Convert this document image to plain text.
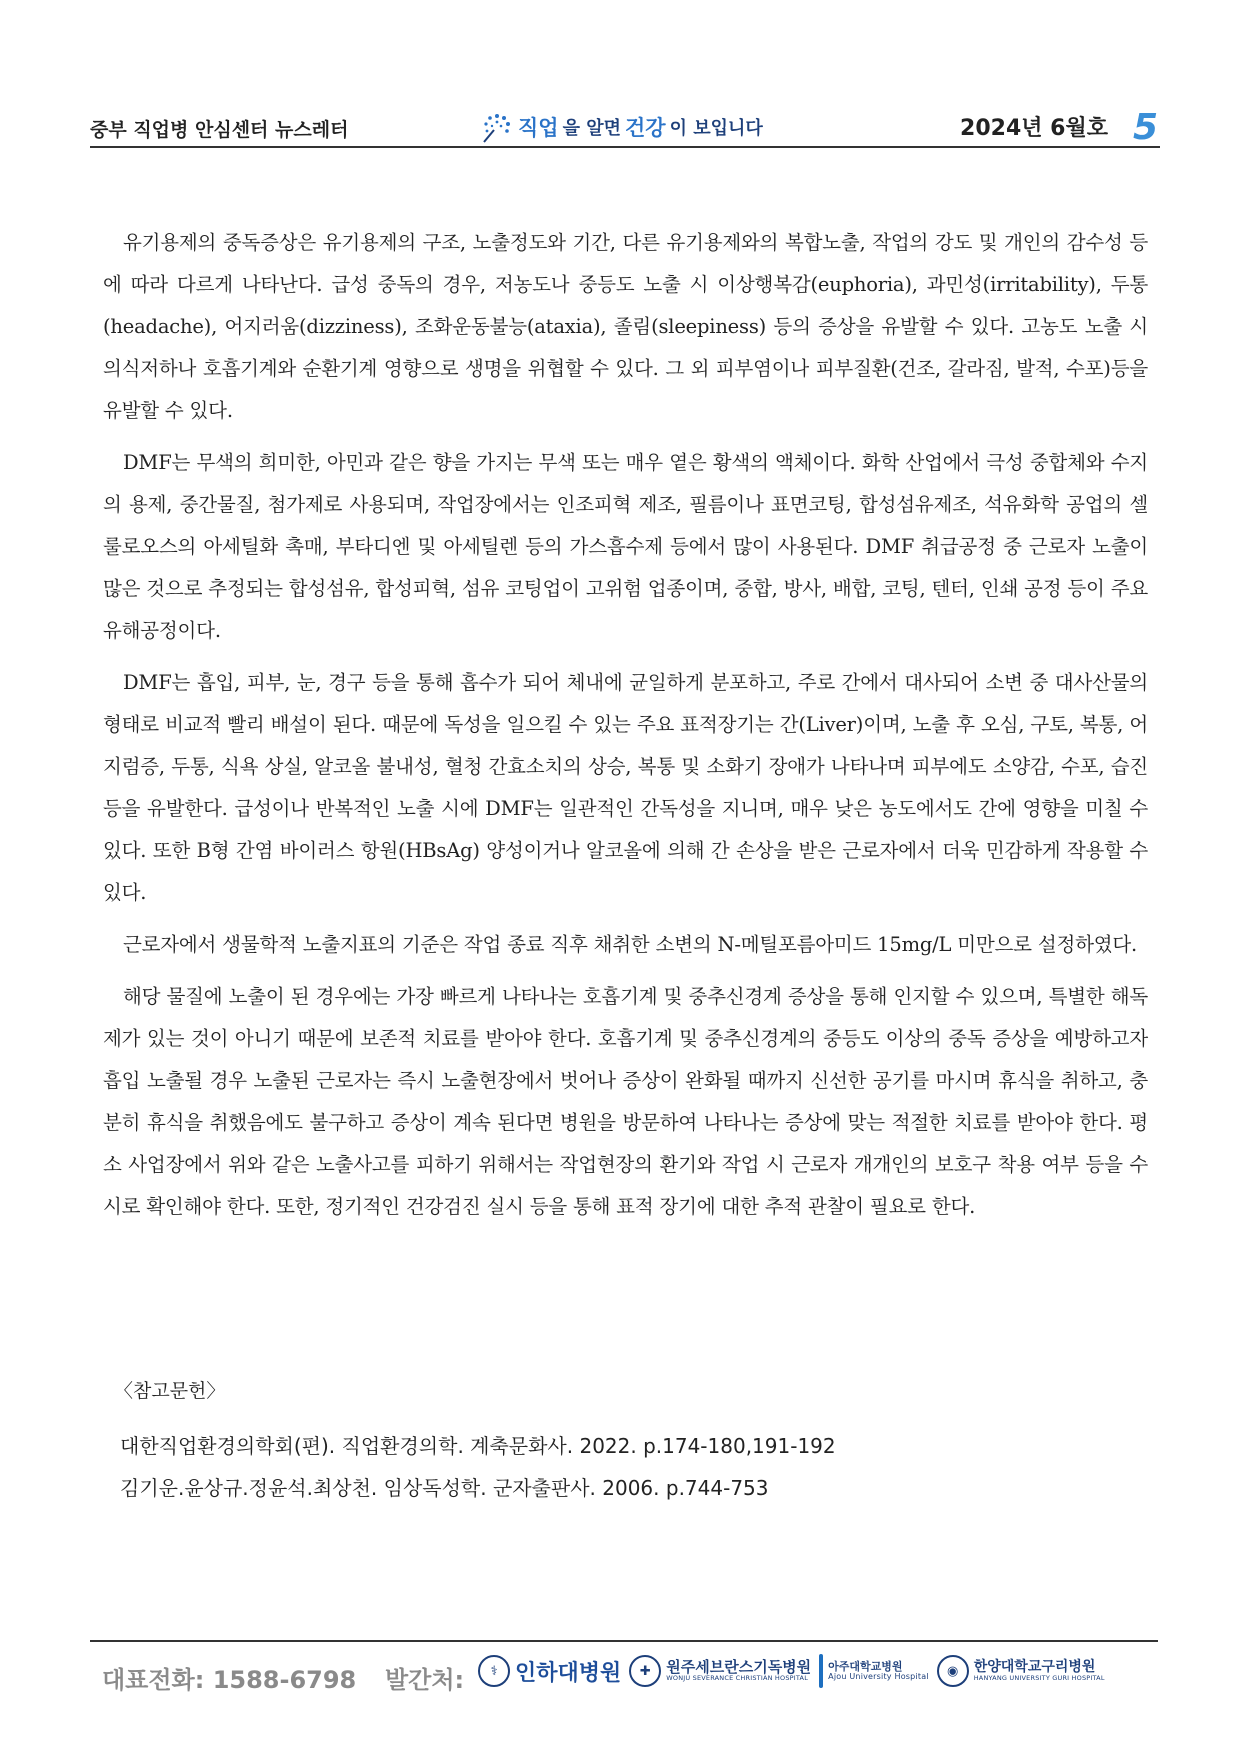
중부 직업병 안심센터 뉴스레터	직업 을 알면 건강 이 보입니다	2024년 6월호 5

유기용제의 중독증상은 유기용제의 구조, 노출정도와 기간, 다른 유기용제와의 복합노출, 작업의 강도 및 개인의 감수성 등에 따라 다르게 나타난다. 급성 중독의 경우, 저농도나 중등도 노출 시 이상행복감(euphoria), 과민성(irritability), 두통(headache), 어지러움(dizziness), 조화운동불능(ataxia), 졸림(sleepiness) 등의 증상을 유발할 수 있다. 고농도 노출 시 의식저하나 호흡기계와 순환기계 영향으로 생명을 위협할 수 있다. 그 외 피부염이나 피부질환(건조, 갈라짐, 발적, 수포)등을 유발할 수 있다.

DMF는 무색의 희미한, 아민과 같은 향을 가지는 무색 또는 매우 옅은 황색의 액체이다. 화학 산업에서 극성 중합체와 수지의 용제, 중간물질, 첨가제로 사용되며, 작업장에서는 인조피혁 제조, 필름이나 표면코팅, 합성섬유제조, 석유화학 공업의 셀룰로오스의 아세틸화 촉매, 부타디엔 및 아세틸렌 등의 가스흡수제 등에서 많이 사용된다. DMF 취급공정 중 근로자 노출이 많은 것으로 추정되는 합성섬유, 합성피혁, 섬유 코팅업이 고위험 업종이며, 중합, 방사, 배합, 코팅, 텐터, 인쇄 공정 등이 주요 유해공정이다.

DMF는 흡입, 피부, 눈, 경구 등을 통해 흡수가 되어 체내에 균일하게 분포하고, 주로 간에서 대사되어 소변 중 대사산물의 형태로 비교적 빨리 배설이 된다. 때문에 독성을 일으킬 수 있는 주요 표적장기는 간(Liver)이며, 노출 후 오심, 구토, 복통, 어지럼증, 두통, 식욕 상실, 알코올 불내성, 혈청 간효소치의 상승, 복통 및 소화기 장애가 나타나며 피부에도 소양감, 수포, 습진 등을 유발한다. 급성이나 반복적인 노출 시에 DMF는 일관적인 간독성을 지니며, 매우 낮은 농도에서도 간에 영향을 미칠 수 있다. 또한 B형 간염 바이러스 항원(HBsAg) 양성이거나 알코올에 의해 간 손상을 받은 근로자에서 더욱 민감하게 작용할 수 있다.

근로자에서 생물학적 노출지표의 기준은 작업 종료 직후 채취한 소변의 N-메틸포름아미드 15mg/L 미만으로 설정하였다.

해당 물질에 노출이 된 경우에는 가장 빠르게 나타나는 호흡기계 및 중추신경계 증상을 통해 인지할 수 있으며, 특별한 해독제가 있는 것이 아니기 때문에 보존적 치료를 받아야 한다. 호흡기계 및 중추신경계의 중등도 이상의 중독 증상을 예방하고자 흡입 노출될 경우 노출된 근로자는 즉시 노출현장에서 벗어나 증상이 완화될 때까지 신선한 공기를 마시며 휴식을 취하고, 충분히 휴식을 취했음에도 불구하고 증상이 계속 된다면 병원을 방문하여 나타나는 증상에 맞는 적절한 치료를 받아야 한다. 평소 사업장에서 위와 같은 노출사고를 피하기 위해서는 작업현장의 환기와 작업 시 근로자 개개인의 보호구 착용 여부 등을 수시로 확인해야 한다. 또한, 정기적인 건강검진 실시 등을 통해 표적 장기에 대한 추적 관찰이 필요로 한다.

〈참고문헌〉
대한직업환경의학회(편). 직업환경의학. 계축문화사. 2022. p.174-180,191-192
김기운.윤상규.정윤석.최상천. 임상독성학. 군자출판사. 2006. p.744-753
대표전화: 1588-6798 발간처:	⚕ 인하대병원	✚	원주세브란스기독병원
WONJU SEVERANCE CHRISTIAN HOSPITAL
아주대학교병원
Ajou University Hospital	◉	한양대학교구리병원
HANYANG UNIVERSITY GURI HOSPITAL
